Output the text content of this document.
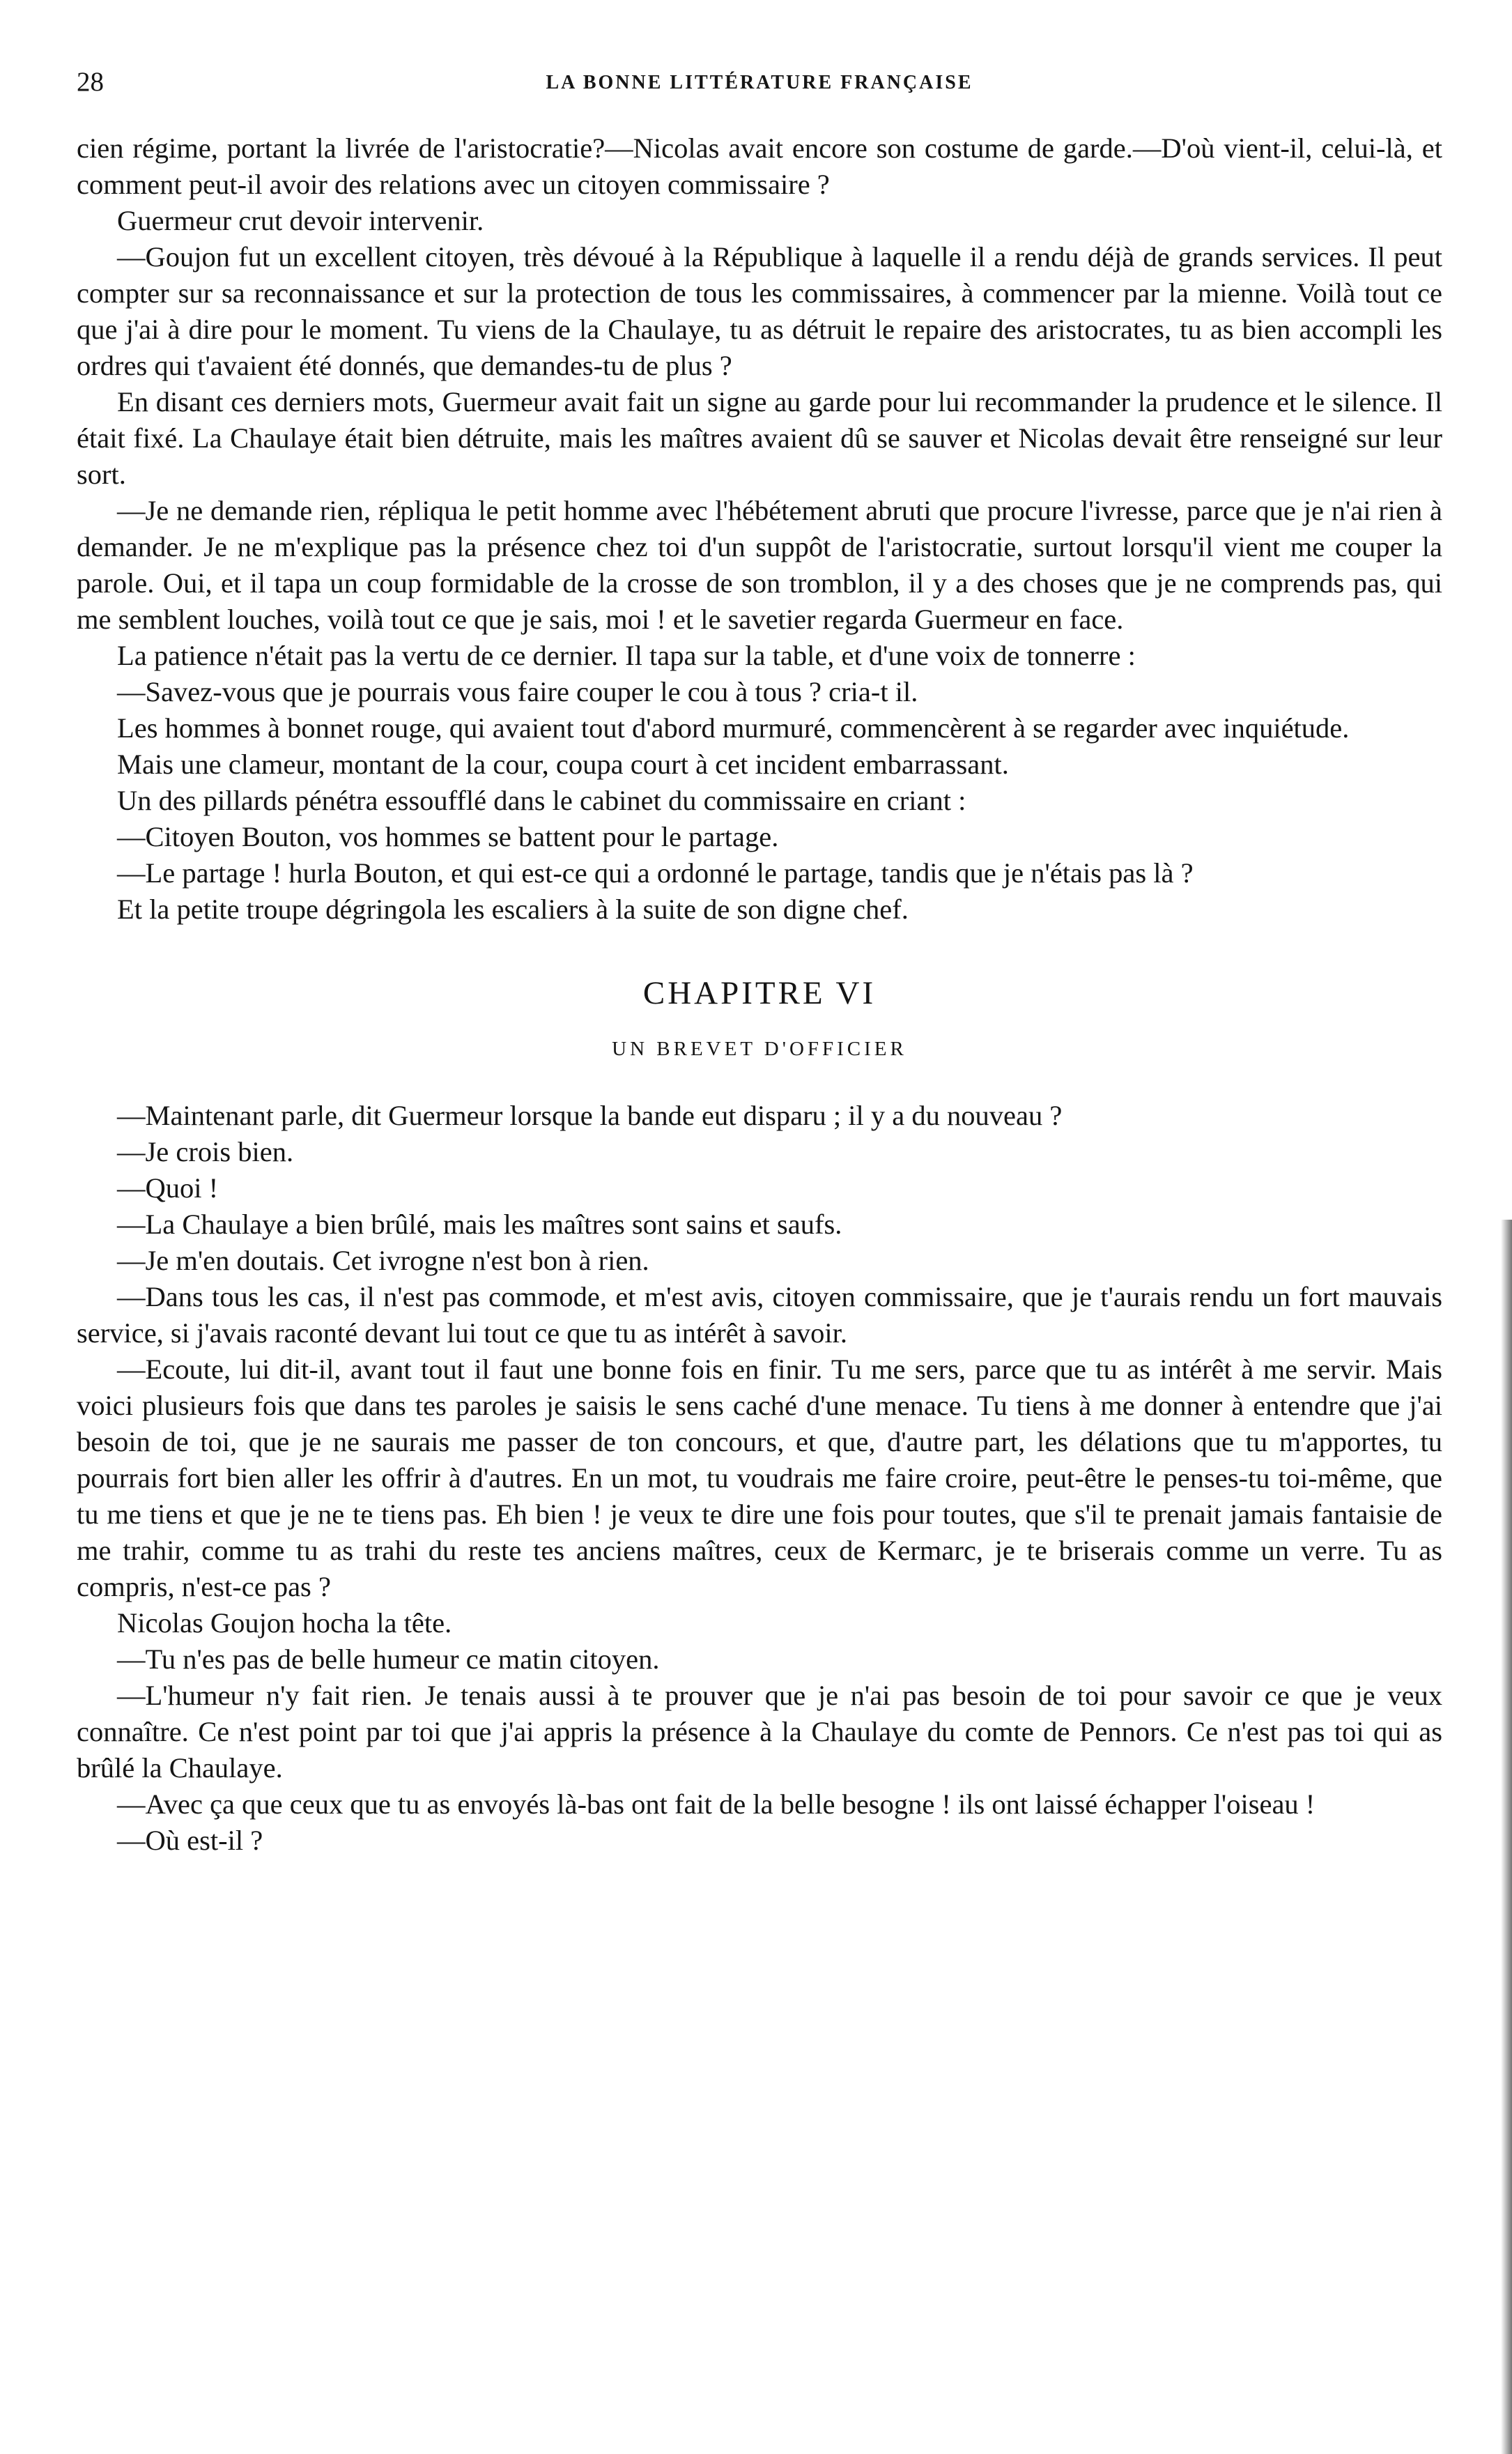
28	LA BONNE LITTÉRATURE FRANÇAISE

cien régime, portant la livrée de l'aristocratie?—Nicolas avait encore son costume de garde.—D'où vient-il, celui-là, et comment peut-il avoir des relations avec un citoyen commissaire ?

Guermeur crut devoir intervenir.

—Goujon fut un excellent citoyen, très dévoué à la République à laquelle il a rendu déjà de grands services. Il peut compter sur sa reconnaissance et sur la protection de tous les commissaires, à commencer par la mienne. Voilà tout ce que j'ai à dire pour le moment. Tu viens de la Chaulaye, tu as détruit le repaire des aristocrates, tu as bien accompli les ordres qui t'avaient été donnés, que demandes-tu de plus ?

En disant ces derniers mots, Guermeur avait fait un signe au garde pour lui recommander la prudence et le silence. Il était fixé. La Chaulaye était bien détruite, mais les maîtres avaient dû se sauver et Nicolas devait être renseigné sur leur sort.

—Je ne demande rien, répliqua le petit homme avec l'hébétement abruti que procure l'ivresse, parce que je n'ai rien à demander. Je ne m'explique pas la présence chez toi d'un suppôt de l'aristocratie, surtout lorsqu'il vient me couper la parole. Oui, et il tapa un coup formidable de la crosse de son tromblon, il y a des choses que je ne comprends pas, qui me semblent louches, voilà tout ce que je sais, moi ! et le savetier regarda Guermeur en face.

La patience n'était pas la vertu de ce dernier. Il tapa sur la table, et d'une voix de tonnerre :

—Savez-vous que je pourrais vous faire couper le cou à tous ? cria-t il.

Les hommes à bonnet rouge, qui avaient tout d'abord murmuré, commencèrent à se regarder avec inquiétude.

Mais une clameur, montant de la cour, coupa court à cet incident embarrassant.

Un des pillards pénétra essoufflé dans le cabinet du commissaire en criant :

—Citoyen Bouton, vos hommes se battent pour le partage.

—Le partage ! hurla Bouton, et qui est-ce qui a ordonné le partage, tandis que je n'étais pas là ?

Et la petite troupe dégringola les escaliers à la suite de son digne chef.

CHAPITRE VI
UN BREVET D'OFFICIER

—Maintenant parle, dit Guermeur lorsque la bande eut disparu ; il y a du nouveau ?

—Je crois bien.

—Quoi !

—La Chaulaye a bien brûlé, mais les maîtres sont sains et saufs.

—Je m'en doutais. Cet ivrogne n'est bon à rien.

—Dans tous les cas, il n'est pas commode, et m'est avis, citoyen commissaire, que je t'aurais rendu un fort mauvais service, si j'avais raconté devant lui tout ce que tu as intérêt à savoir.

—Ecoute, lui dit-il, avant tout il faut une bonne fois en finir. Tu me sers, parce que tu as intérêt à me servir. Mais voici plusieurs fois que dans tes paroles je saisis le sens caché d'une menace. Tu tiens à me donner à entendre que j'ai besoin de toi, que je ne saurais me passer de ton concours, et que, d'autre part, les délations que tu m'apportes, tu pourrais fort bien aller les offrir à d'autres. En un mot, tu voudrais me faire croire, peut-être le penses-tu toi-même, que tu me tiens et que je ne te tiens pas. Eh bien ! je veux te dire une fois pour toutes, que s'il te prenait jamais fantaisie de me trahir, comme tu as trahi du reste tes anciens maîtres, ceux de Kermarc, je te briserais comme un verre. Tu as compris, n'est-ce pas ?

Nicolas Goujon hocha la tête.

—Tu n'es pas de belle humeur ce matin citoyen.

—L'humeur n'y fait rien. Je tenais aussi à te prouver que je n'ai pas besoin de toi pour savoir ce que je veux connaître. Ce n'est point par toi que j'ai appris la présence à la Chaulaye du comte de Pennors. Ce n'est pas toi qui as brûlé la Chaulaye.

—Avec ça que ceux que tu as envoyés là-bas ont fait de la belle besogne ! ils ont laissé échapper l'oiseau !

—Où est-il ?
